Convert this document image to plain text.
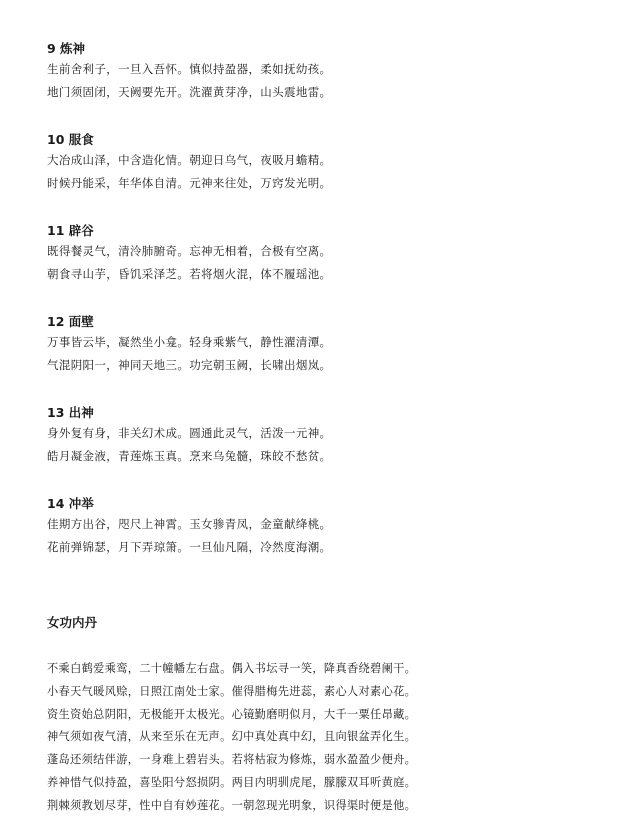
9 炼神
生前舍利子，一旦入吾怀。慎似持盈器，柔如抚幼孩。
地门须固闭，天阙要先开。洗濯黄芽净，山头震地雷。
10 服食
大冶成山泽，中含造化情。朝迎日乌气，夜吸月蟾精。
时候丹能采，年华体自清。元神来往处，万窍发光明。
11 辟谷
既得餐灵气，清泠肺腑奇。忘神无相着，合极有空离。
朝食寻山芋，昏饥采泽芝。若将烟火混，体不履瑶池。
12 面壁
万事皆云毕，凝然坐小龛。轻身乘紫气，静性濯清潭。
气混阴阳一，神同天地三。功完朝玉阙，长啸出烟岚。
13 出神
身外复有身，非关幻术成。圆通此灵气，活泼一元神。
皓月凝金液，青莲炼玉真。烹来乌兔髓，珠皎不愁贫。
14 冲举
佳期方出谷，咫尺上神霄。玉女骖青凤，金童献绛桃。
花前弹锦瑟，月下弄琼箫。一旦仙凡隔，冷然度海潮。
女功内丹
不乘白鹤爱乘鸾，二十幢幡左右盘。偶入书坛寻一笑，降真香绕碧阑干。
小春天气暖风赊，日照江南处士家。催得腊梅先进蕊，素心人对素心花。
资生资始总阴阳，无极能开太极光。心镜勤磨明似月，大千一粟任昂藏。
神气须如夜气清，从来至乐在无声。幻中真处真中幻，且向银盆弄化生。
蓬岛还须结伴游，一身难上碧岩头。若将枯寂为修炼，弱水盈盈少便舟。
养神惜气似持盈，喜坠阳兮怒损阴。两目内明驯虎尾，朦朦双耳听黄庭。
荆棘须教划尽芽，性中自有妙莲花。一朝忽现光明象，识得渠时便是他。
